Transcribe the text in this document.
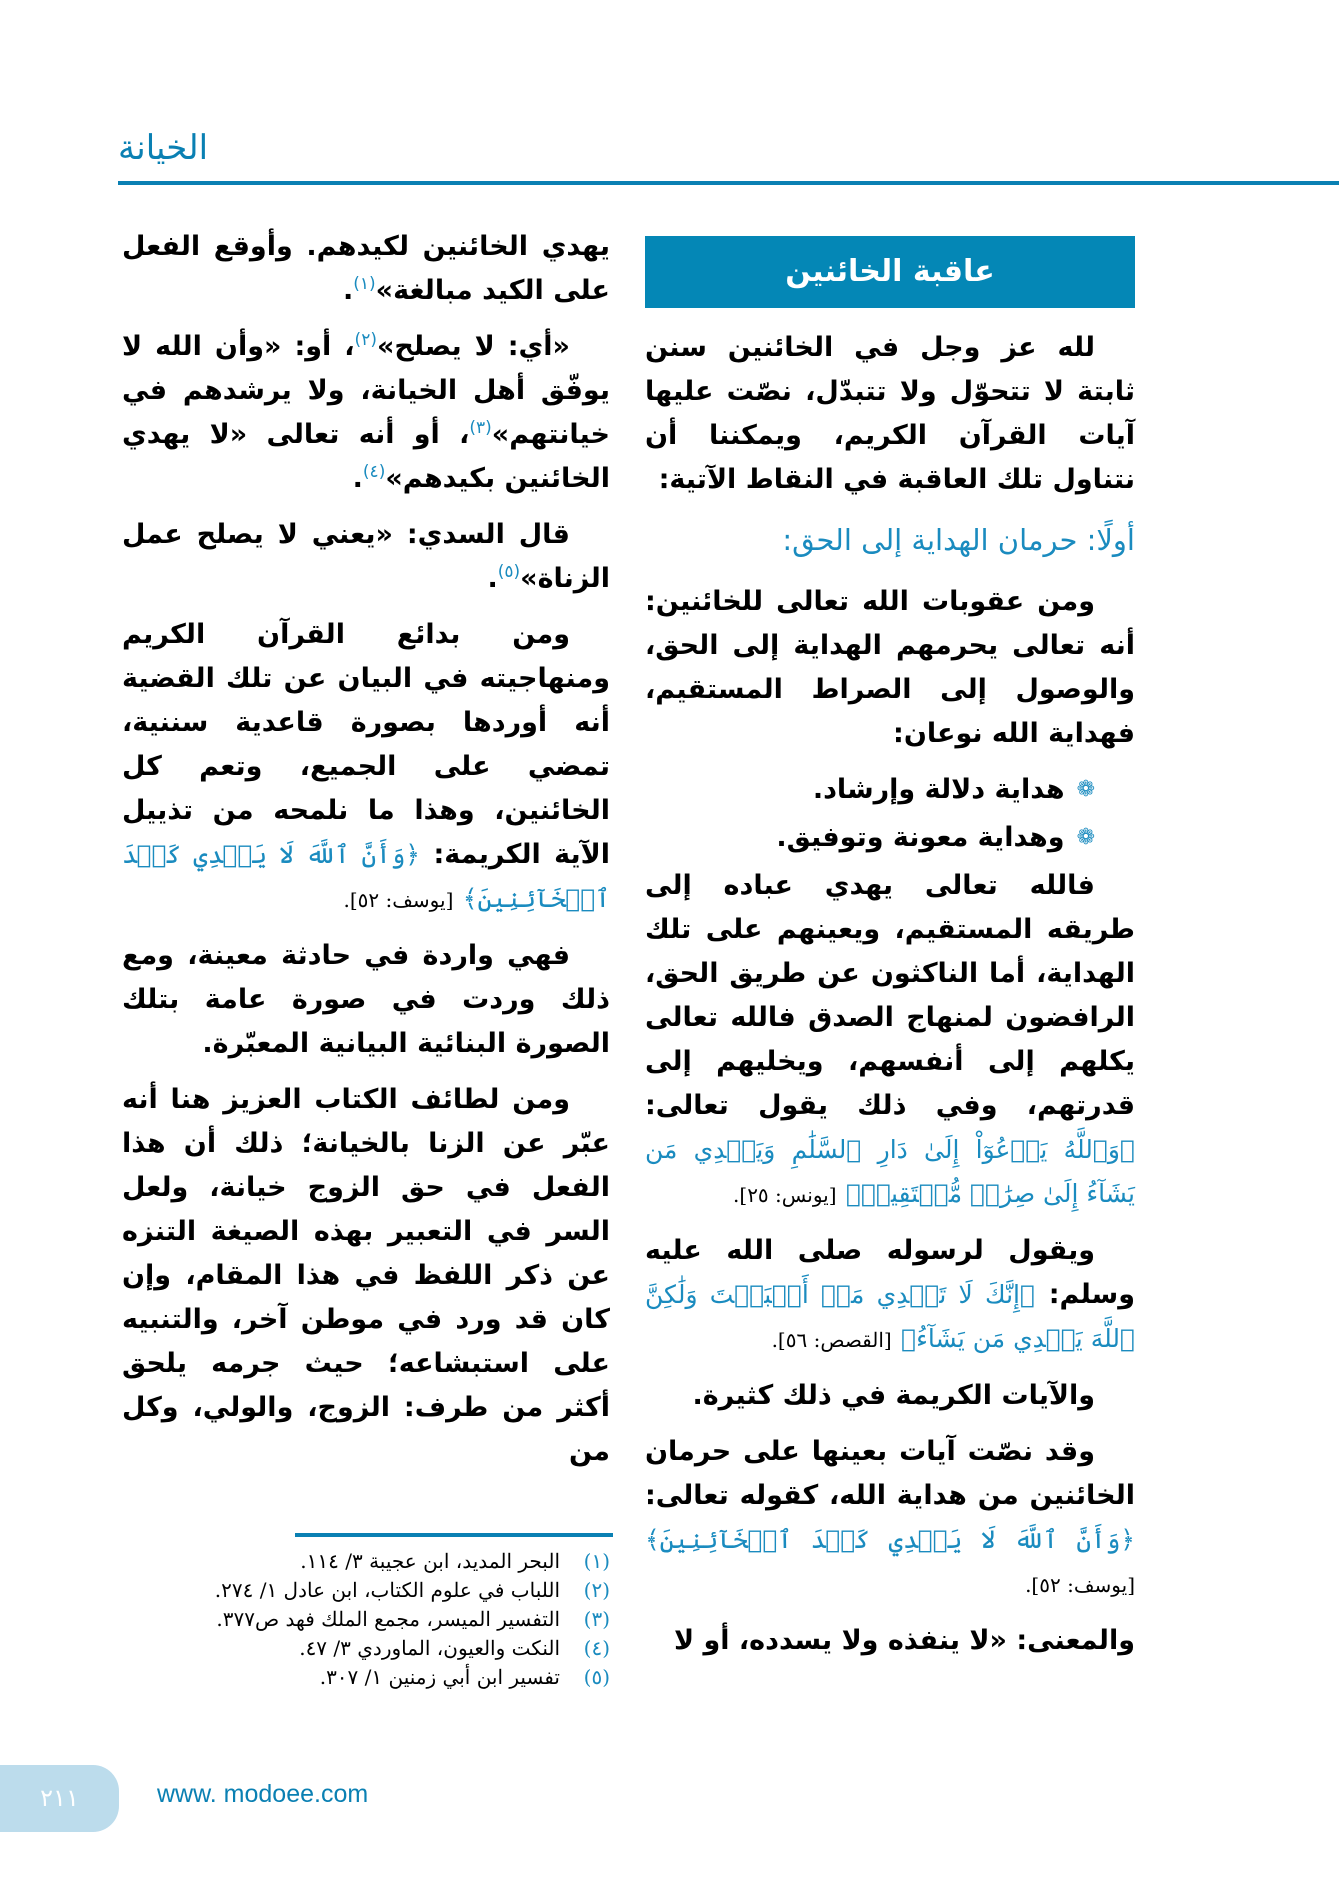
الخيانة
عاقبة الخائنين

لله عز وجل في الخائنين سنن ثابتة لا تتحوّل ولا تتبدّل، نصّت عليها آيات القرآن الكريم، ويمكننا أن نتناول تلك العاقبة في النقاط الآتية:

أولًا: حرمان الهداية إلى الحق:

ومن عقوبات الله تعالى للخائنين: أنه تعالى يحرمهم الهداية إلى الحق، والوصول إلى الصراط المستقيم، فهداية الله نوعان:

❁
هداية دلالة وإرشاد.
❁
وهداية معونة وتوفيق.

فالله تعالى يهدي عباده إلى طريقه المستقيم، ويعينهم على تلك الهداية، أما الناكثون عن طريق الحق، الرافضون لمنهاج الصدق فالله تعالى يكلهم إلى أنفسهم، ويخليهم إلى قدرتهم، وفي ذلك يقول تعالى: ﴿وَٱللَّهُ يَدۡعُوٓاْ إِلَىٰ دَارِ ٱلسَّلَٰمِ وَيَهۡدِي مَن يَشَآءُ إِلَىٰ صِرَٰطٖ مُّسۡتَقِيمٖ﴾ [يونس: ٢٥].

ويقول لرسوله صلى الله عليه وسلم: ﴿إِنَّكَ لَا تَهۡدِي مَنۡ أَحۡبَبۡتَ وَلَٰكِنَّ ٱللَّهَ يَهۡدِي مَن يَشَآءُ﴾ [القصص: ٥٦].

والآيات الكريمة في ذلك كثيرة.

وقد نصّت آيات بعينها على حرمان الخائنين من هداية الله، كقوله تعالى: ﴿وَأَنَّ ٱللَّهَ لَا يَهۡدِي كَيۡدَ ٱلۡخَآئِنِينَ﴾ [يوسف: ٥٢].

والمعنى: «لا ينفذه ولا يسدده، أو لا

يهدي الخائنين لكيدهم. وأوقع الفعل على الكيد مبالغة»$^{(١)}$.

«أي: لا يصلح»$^{(٢)}$، أو: «وأن الله لا يوفّق أهل الخيانة، ولا يرشدهم في خيانتهم»$^{(٣)}$، أو أنه تعالى «لا يهدي الخائنين بكيدهم»$^{(٤)}$.

قال السدي: «يعني لا يصلح عمل الزناة»$^{(٥)}$.

ومن بدائع القرآن الكريم ومنهاجيته في البيان عن تلك القضية أنه أوردها بصورة قاعدية سننية، تمضي على الجميع، وتعم كل الخائنين، وهذا ما نلمحه من تذييل الآية الكريمة: ﴿وَأَنَّ ٱللَّهَ لَا يَهۡدِي كَيۡدَ ٱلۡخَآئِنِينَ﴾ [يوسف: ٥٢].

فهي واردة في حادثة معينة، ومع ذلك وردت في صورة عامة بتلك الصورة البنائية البيانية المعبّرة.

ومن لطائف الكتاب العزيز هنا أنه عبّر عن الزنا بالخيانة؛ ذلك أن هذا الفعل في حق الزوج خيانة، ولعل السر في التعبير بهذه الصيغة التنزه عن ذكر اللفظ في هذا المقام، وإن كان قد ورد في موطن آخر، والتنبيه على استبشاعه؛ حيث جرمه يلحق أكثر من طرف: الزوج، والولي، وكل من

(١)
البحر المديد، ابن عجيبة ٣/ ١١٤.
(٢)
اللباب في علوم الكتاب، ابن عادل ١/ ٢٧٤.
(٣)
التفسير الميسر، مجمع الملك فهد ص٣٧٧.
(٤)
النكت والعيون، الماوردي ٣/ ٤٧.
(٥)
تفسير ابن أبي زمنين ١/ ٣٠٧.
٢١١	www. modoee.com
